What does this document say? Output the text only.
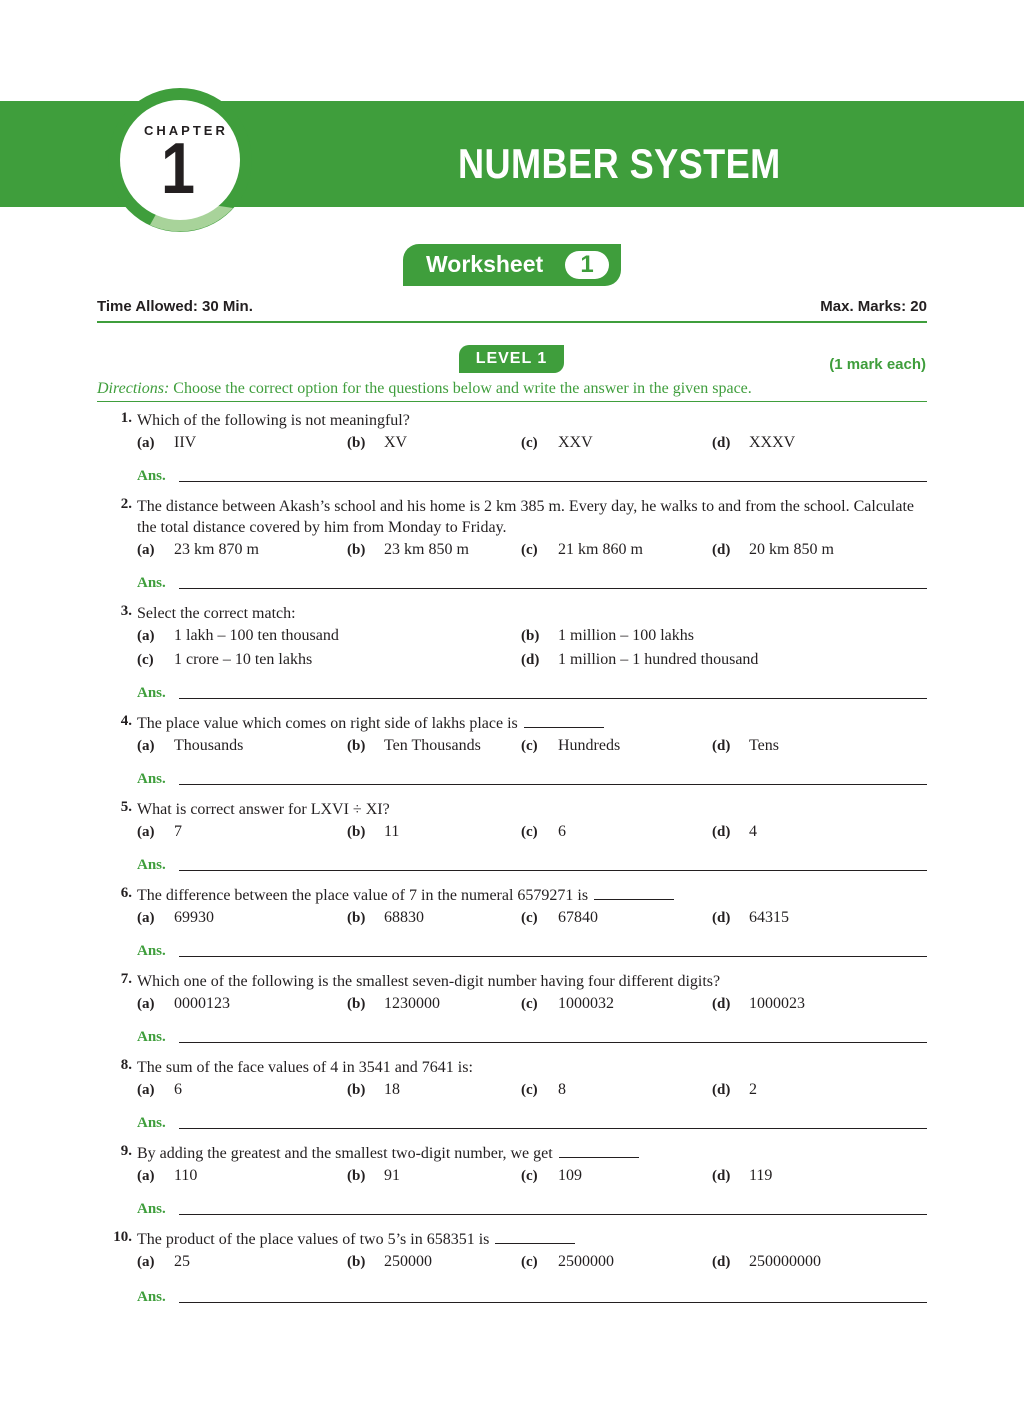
NUMBER SYSTEM
CHAPTER
1
Worksheet	1
Time Allowed: 30 Min.	Max. Marks: 20
LEVEL 1	(1 mark each)
Directions: Choose the correct option for the questions below and write the answer in the given space.
1. Which of the following is not meaningful?
(a) IIV	(b) XV	(c) XXV	(d) XXXV
Ans.
2. The distance between Akash’s school and his home is 2 km 385 m. Every day, he walks to and from the school. Calculate the total distance covered by him from Monday to Friday.
(a) 23 km 870 m	(b) 23 km 850 m	(c) 21 km 860 m	(d) 20 km 850 m
Ans.
3. Select the correct match:
(a) 1 lakh – 100 ten thousand	(b) 1 million – 100 lakhs
(c) 1 crore – 10 ten lakhs	(d) 1 million – 1 hundred thousand
Ans.
4. The place value which comes on right side of lakhs place is
(a) Thousands	(b) Ten Thousands	(c) Hundreds	(d) Tens
Ans.
5. What is correct answer for LXVI ÷ XI?
(a) 7	(b) 11	(c) 6	(d) 4
Ans.
6. The difference between the place value of 7 in the numeral 6579271 is
(a) 69930	(b) 68830	(c) 67840	(d) 64315
Ans.
7. Which one of the following is the smallest seven-digit number having four different digits?
(a) 0000123	(b) 1230000	(c) 1000032	(d) 1000023
Ans.
8. The sum of the face values of 4 in 3541 and 7641 is:
(a) 6	(b) 18	(c) 8	(d) 2
Ans.
9. By adding the greatest and the smallest two-digit number, we get
(a) 110	(b) 91	(c) 109	(d) 119
Ans.
10. The product of the place values of two 5’s in 658351 is
(a) 25	(b) 250000	(c) 2500000	(d) 250000000
Ans.
